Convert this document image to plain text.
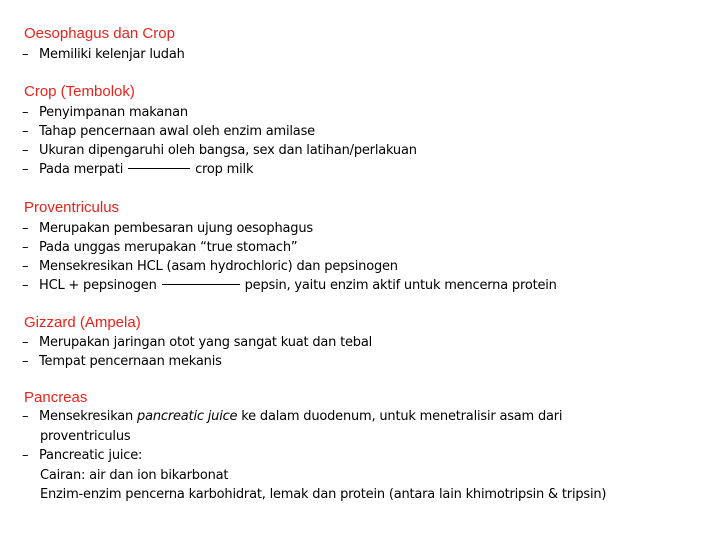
Oesophagus dan Crop
– Memiliki kelenjar ludah
Crop (Tembolok)
– Penyimpanan makanan
– Tahap pencernaan awal oleh enzim amilase
– Ukuran dipengaruhi oleh bangsa, sex dan latihan/perlakuan
– Pada merpati	crop milk
Proventriculus
– Merupakan pembesaran ujung oesophagus
– Pada unggas merupakan “true stomach”
– Mensekresikan HCL (asam hydrochloric) dan pepsinogen
– HCL + pepsinogen	pepsin, yaitu enzim aktif untuk mencerna protein
Gizzard (Ampela)
– Merupakan jaringan otot yang sangat kuat dan tebal
– Tempat pencernaan mekanis
Pancreas
– Mensekresikan pancreatic juice ke dalam duodenum, untuk menetralisir asam dari
proventriculus
– Pancreatic juice:
Cairan: air dan ion bikarbonat
Enzim-enzim pencerna karbohidrat, lemak dan protein (antara lain khimotripsin & tripsin)
